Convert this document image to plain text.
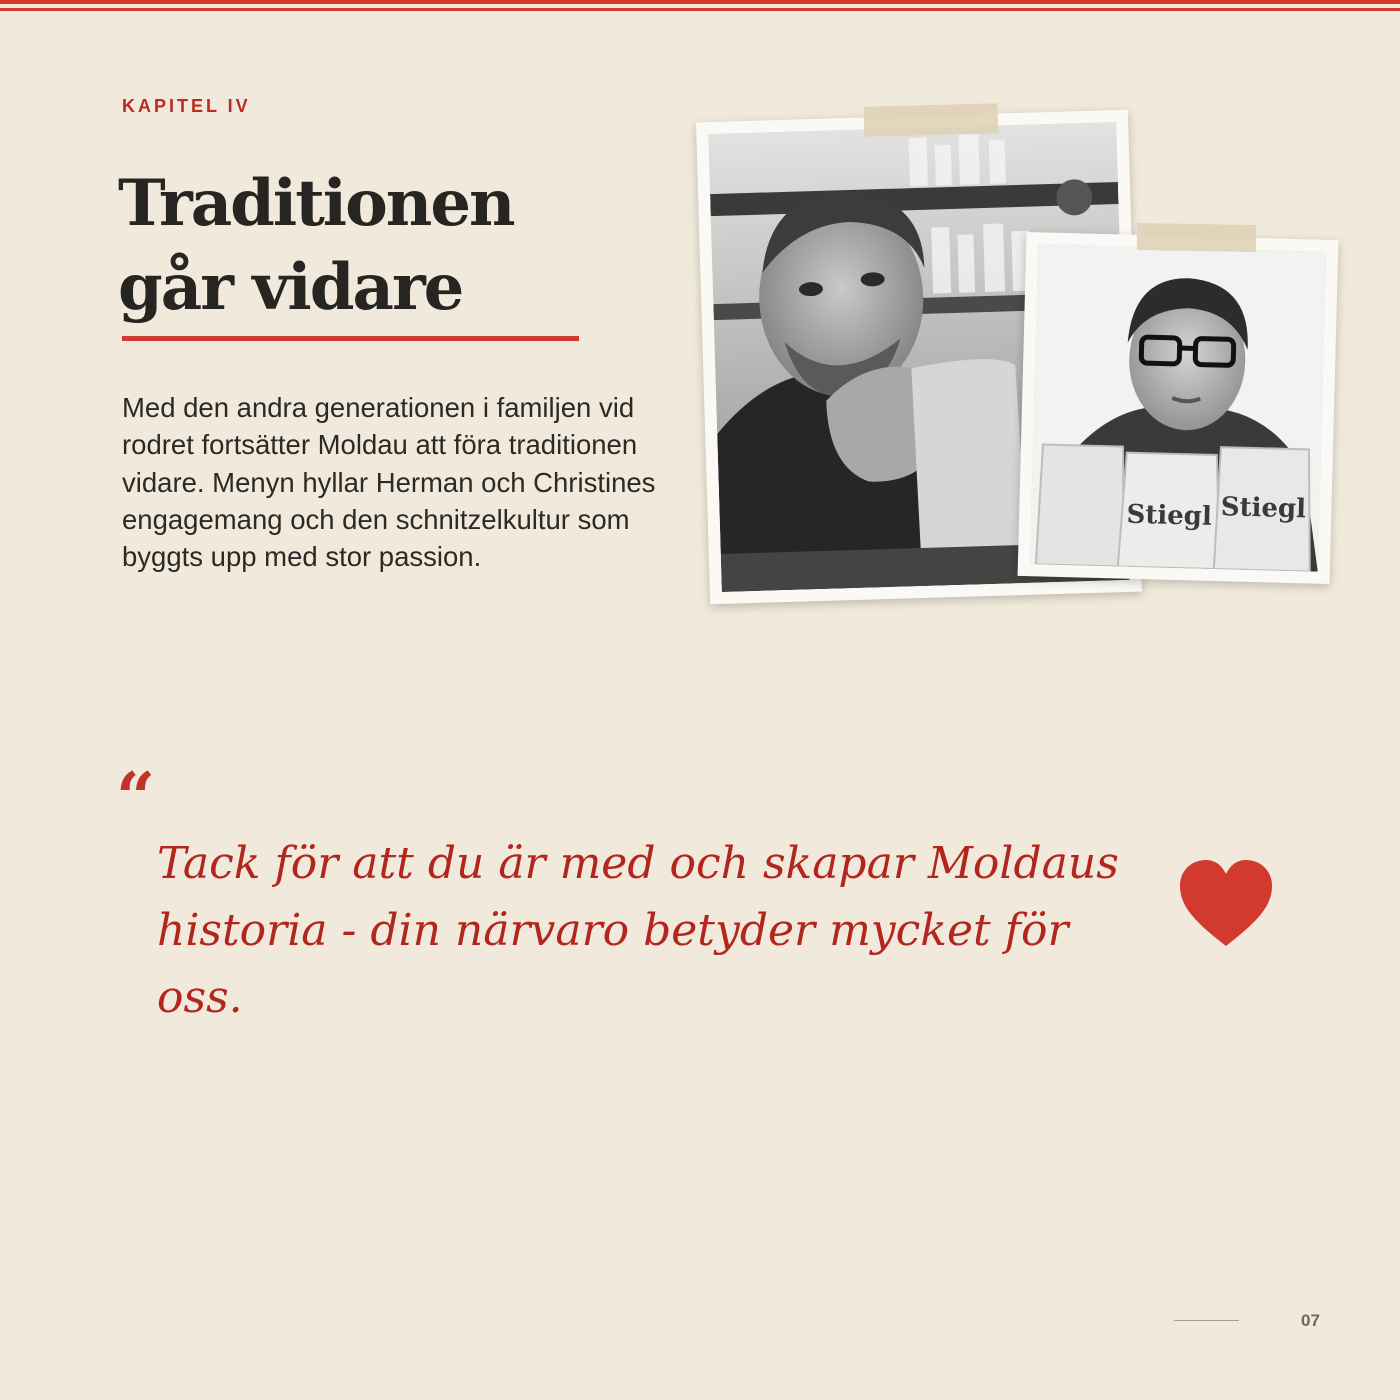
KAPITEL IV
Traditionen
går vidare

Med den andra generationen i familjen vid rodret fortsätter Moldau att föra traditionen vidare. Menyn hyllar Herman och Christines engagemang och den schnitzelkultur som byggts upp med stor passion.

Stiegl Stiegl
“

Tack för att du är med och skapar Moldaus
historia - din närvaro betyder mycket för oss.

07
